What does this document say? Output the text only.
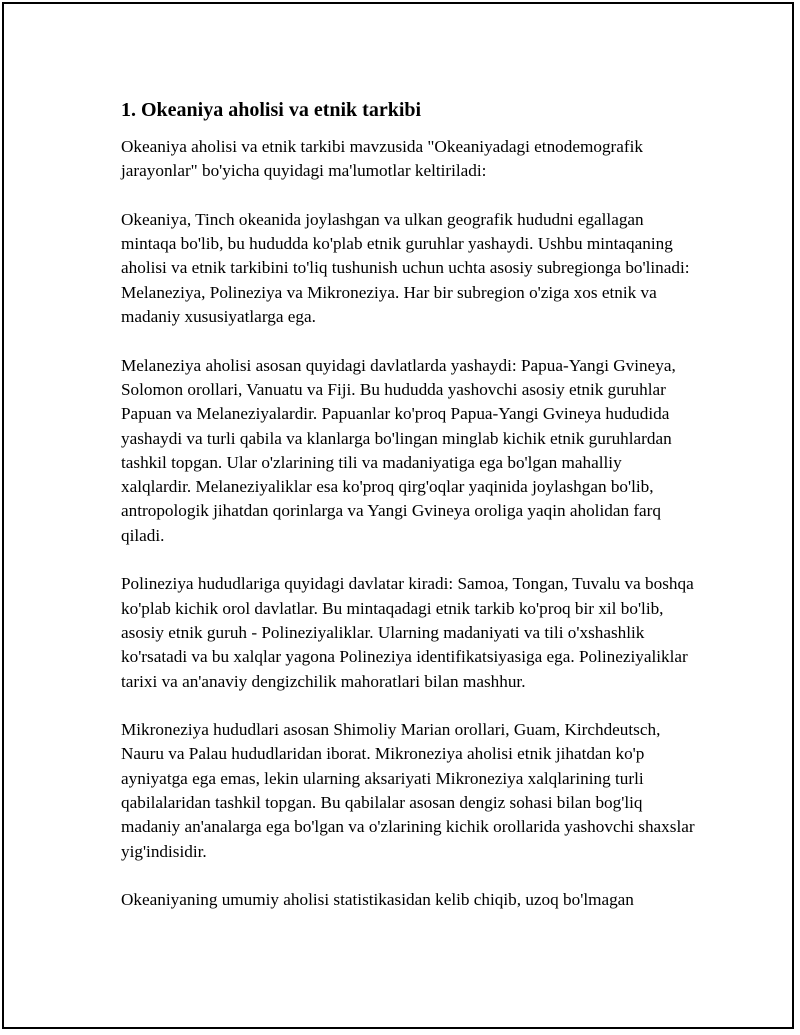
1. Okeaniya aholisi va etnik tarkibi

Okeaniya aholisi va etnik tarkibi mavzusida "Okeaniyadagi etnodemografik jarayonlar" bo'yicha quyidagi ma'lumotlar keltiriladi:

Okeaniya, Tinch okeanida joylashgan va ulkan geografik hududni egallagan mintaqa bo'lib, bu hududda ko'plab etnik guruhlar yashaydi. Ushbu mintaqaning aholisi va etnik tarkibini to'liq tushunish uchun uchta asosiy subregionga bo'linadi: Melaneziya, Polineziya va Mikroneziya. Har bir subregion o'ziga xos etnik va madaniy xususiyatlarga ega.

Melaneziya aholisi asosan quyidagi davlatlarda yashaydi: Papua-Yangi Gvineya, Solomon orollari, Vanuatu va Fiji. Bu hududda yashovchi asosiy etnik guruhlar Papuan va Melaneziyalardir. Papuanlar ko'proq Papua-Yangi Gvineya hududida yashaydi va turli qabila va klanlarga bo'lingan minglab kichik etnik guruhlardan tashkil topgan. Ular o'zlarining tili va madaniyatiga ega bo'lgan mahalliy xalqlardir. Melaneziyaliklar esa ko'proq qirg'oqlar yaqinida joylashgan bo'lib, antropologik jihatdan qorinlarga va Yangi Gvineya oroliga yaqin aholidan farq qiladi.

Polineziya hududlariga quyidagi davlatar kiradi: Samoa, Tongan, Tuvalu va boshqa ko'plab kichik orol davlatlar. Bu mintaqadagi etnik tarkib ko'proq bir xil bo'lib, asosiy etnik guruh - Polineziyaliklar. Ularning madaniyati va tili o'xshashlik ko'rsatadi va bu xalqlar yagona Polineziya identifikatsiyasiga ega. Polineziyaliklar tarixi va an'anaviy dengizchilik mahoratlari bilan mashhur.

Mikroneziya hududlari asosan Shimoliy Marian orollari, Guam, Kirchdeutsch, Nauru va Palau hududlaridan iborat. Mikroneziya aholisi etnik jihatdan ko'p ayniyatga ega emas, lekin ularning aksariyati Mikroneziya xalqlarining turli qabilalaridan tashkil topgan. Bu qabilalar asosan dengiz sohasi bilan bog'liq madaniy an'analarga ega bo'lgan va o'zlarining kichik orollarida yashovchi shaxslar yig'indisidir.

Okeaniyaning umumiy aholisi statistikasidan kelib chiqib, uzoq bo'lmagan
